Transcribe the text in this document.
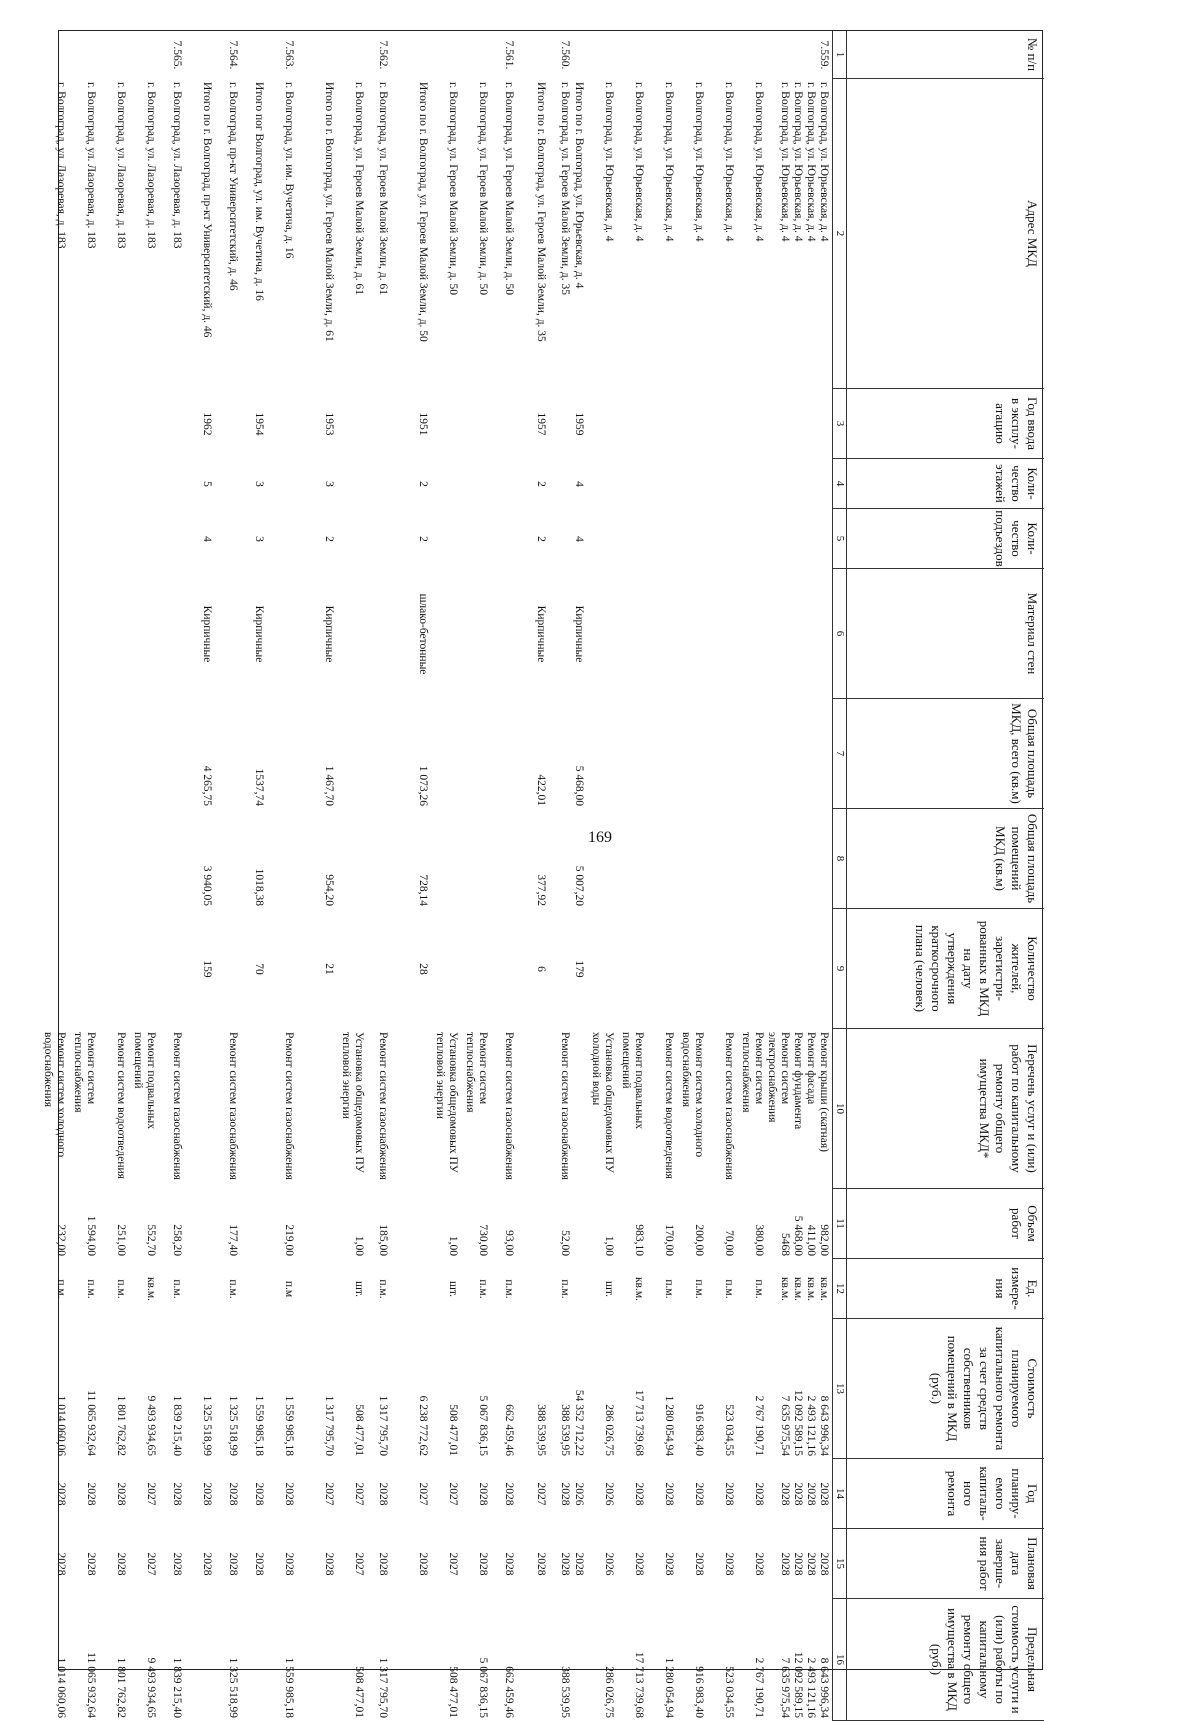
169
№ п/п
1
Адрес МКД
2
Год ввода в эксплу-атацию
3
Коли-чество этажей
4
Коли-чество подъездов
5
Материал стен
6
Общая площадь МКД, всего (кв.м)
7
Общая площадь помещений МКД (кв.м)
8
Количество жителей, зарегистри-рованных в МКД на дату утверждения краткосрочного плана (человек)
9
Перечень услуг и (или) работ по капитальному ремонту общего имущества МКД*
10
Объем работ
11
Ед. измере-ния
12
Стоимость планируемого капитального ремонта за счет средств собственников помещений в МКД (руб.)
13
Год планиру-емого капиталь-ного ремонта
14
Плановая дата заверше-ния работ
15
Предельная стоимость услуги и (или) работы по капитальному ремонту общего имущества в МКД (руб.)
16
7.559.
г. Волгоград, ул. Юрьевская, д. 4
Ремонт крыши (скатная)
982,00
кв.м.
8 643 996,34
2028
2028
8 643 996,34
г. Волгоград, ул. Юрьевская, д. 4
Ремонт фасада
411,00
кв.м.
2 493 121,16
2028
2028
2 493 121,16
г. Волгоград, ул. Юрьевская, д. 4
Ремонт фундамента
5 468,00
кв.м.
12 092 589,15
2028
2028
12 092 589,15
г. Волгоград, ул. Юрьевская, д. 4
Ремонт систем электроснабжения
5468
кв.м.
7 635 975,54
2028
2028
7 635 975,54
г. Волгоград, ул. Юрьевская, д. 4
Ремонт систем теплоснабжения
380,00
п.м.
2 767 190,71
2028
2028
2 767 190,71
г. Волгоград, ул. Юрьевская, д. 4
Ремонт систем газоснабжения
70,00
п.м.
523 034,55
2028
2028
523 034,55
г. Волгоград, ул. Юрьевская, д. 4
Ремонт систем холодного водоснабжения
200,00
п.м.
916 983,40
2028
2028
916 983,40
г. Волгоград, ул. Юрьевская, д. 4
Ремонт систем водоотведения
170,00
п.м.
1 280 054,94
2028
2028
1 280 054,94
г. Волгоград, ул. Юрьевская, д. 4
Ремонт подвальных помещений
983,10
кв.м.
17 713 739,68
2028
2028
17 713 739,68
г. Волгоград, ул. Юрьевская, д. 4
Установка общедомовых ПУ холодной воды
1,00
шт.
286 026,75
2026
2026
286 026,75
Итого по г. Волгоград, ул. Юрьевская, д. 4
1959
4
4
Кирпичные
5 468,00
5 007,20
179
54 352 712,22
2026
2028
7.560.
г. Волгоград, ул. Героев Малой Земли, д. 35
Ремонт систем газоснабжения
52,00
п.м.
388 539,95
2028
2028
388 539,95
Итого по г. Волгоград, ул. Героев Малой Земли, д. 35
1957
2
2
Кирпичные
422,01
377,92
6
388 539,95
2027
2028
7.561.
г. Волгоград, ул. Героев Малой Земли, д. 50
Ремонт систем газоснабжения
93,00
п.м.
662 459,46
2028
2028
662 459,46
г. Волгоград, ул. Героев Малой Земли, д. 50
Ремонт систем теплоснабжения
730,00
п.м.
5 067 836,15
2028
2028
5 067 836,15
г. Волгоград, ул. Героев Малой Земли, д. 50
Установка общедомовых ПУ тепловой энергии
1,00
шт.
508 477,01
2027
2027
508 477,01
Итого по г. Волгоград, ул. Героев Малой Земли, д. 50
1951
2
2
шлако-бетонные
1 073,26
728,14
28
6 238 772,62
2027
2028
7.562.
г. Волгоград, ул. Героев Малой Земли, д. 61
Ремонт систем газоснабжения
185,00
п.м.
1 317 795,70
2028
2028
1 317 795,70
г. Волгоград, ул. Героев Малой Земли, д. 61
Установка общедомовых ПУ тепловой энергии
1,00
шт.
508 477,01
2027
2027
508 477,01
Итого по г. Волгоград, ул. Героев Малой Земли, д. 61
1953
3
2
Кирпичные
1 467,70
954,20
21
1 317 795,70
2027
2028
7.563.
г. Волгоград, ул. им. Вучетича, д. 16
Ремонт систем газоснабжения
219,00
п.м
1 559 985,18
2028
2028
1 559 985,18
Итого пог Волгоград, ул. им. Вучетича, д. 16
1954
3
3
Кирпичные
1537,74
1018,38
70
1 559 985,18
2028
2028
7.564.
г. Волгоград, пр-кт Университетский, д. 46
Ремонт систем газоснабжения
177,40
п.м.
1 325 518,99
2028
2028
1 325 518,99
Итого по г. Волгоград, пр-кт Университетский, д. 46
1962
5
4
Кирпичные
4 265,75
3 940,05
159
1 325 518,99
2028
2028
7.565.
г. Волгоград, ул. Лазоревая, д. 183
Ремонт систем газоснабжения
258,20
п.м.
1 839 215,40
2028
2028
1 839 215,40
г. Волгоград, ул. Лазоревая, д. 183
Ремонт подвальных помещений
552,70
кв.м.
9 493 934,65
2027
2027
9 493 934,65
г. Волгоград, ул. Лазоревая, д. 183
Ремонт систем водоотведения
251,00
п.м.
1 801 762,82
2028
2028
1 801 762,82
г. Волгоград, ул. Лазоревая, д. 183
Ремонт систем теплоснабжения
1 594,00
п.м.
11 065 932,64
2028
2028
11 065 932,64
г. Волгоград, ул. Лазоревая, д. 183
Ремонт систем холодного водоснабжения
232,00
п.м.
1 014 060,06
2028
2028
1 014 060,06
